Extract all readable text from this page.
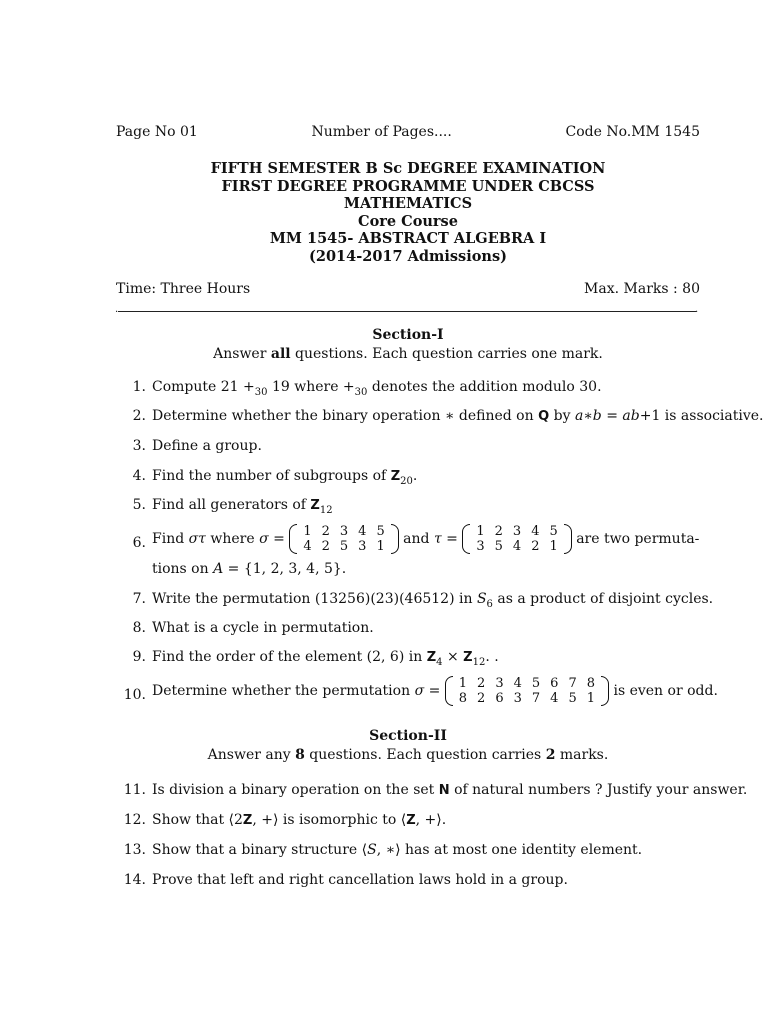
Page No 01	Number of Pages....	Code No.MM 1545
FIFTH SEMESTER B Sc DEGREE EXAMINATION
FIRST DEGREE PROGRAMME UNDER CBCSS
MATHEMATICS
Core Course
MM 1545- ABSTRACT ALGEBRA I
(2014-2017 Admissions)
Time: Three Hours	Max. Marks : 80
.	.
Section-I
Answer all questions. Each question carries one mark.
1. Compute $21 +_{30}$ 19 where $+_{30}$ denotes the addition modulo 30.
2. Determine whether the binary operation ∗ defined on Q by a∗b = ab+1 is associative.
3. Define a group.
4. Find the number of subgroups of $Z_{20}$.
5. Find all generators of $Z_{12}$
6. Find στ where σ = 1	2	3	4	5
4	2	5	3	1 and τ = 1	2	3	4	5
3	5	4	2	1 are two permuta-
tions on A = {1, 2, 3, 4, 5}.
7. Write the permutation (13256)(23)(46512) in $S_6$ as a product of disjoint cycles.
8. What is a cycle in permutation.
9. Find the order of the element (2, 6) in $Z_4 \times Z_{12}$. .
10. Determine whether the permutation σ = 1	2	3	4	5	6	7	8
8	2	6	3	7	4	5	1 is even or odd.
Section-II
Answer any 8 questions. Each question carries 2 marks.
11. Is division a binary operation on the set N of natural numbers ? Justify your answer.
12. Show that ⟨2Z, +⟩ is isomorphic to ⟨Z, +⟩.
13. Show that a binary structure ⟨S, ∗⟩ has at most one identity element.
14. Prove that left and right cancellation laws hold in a group.
